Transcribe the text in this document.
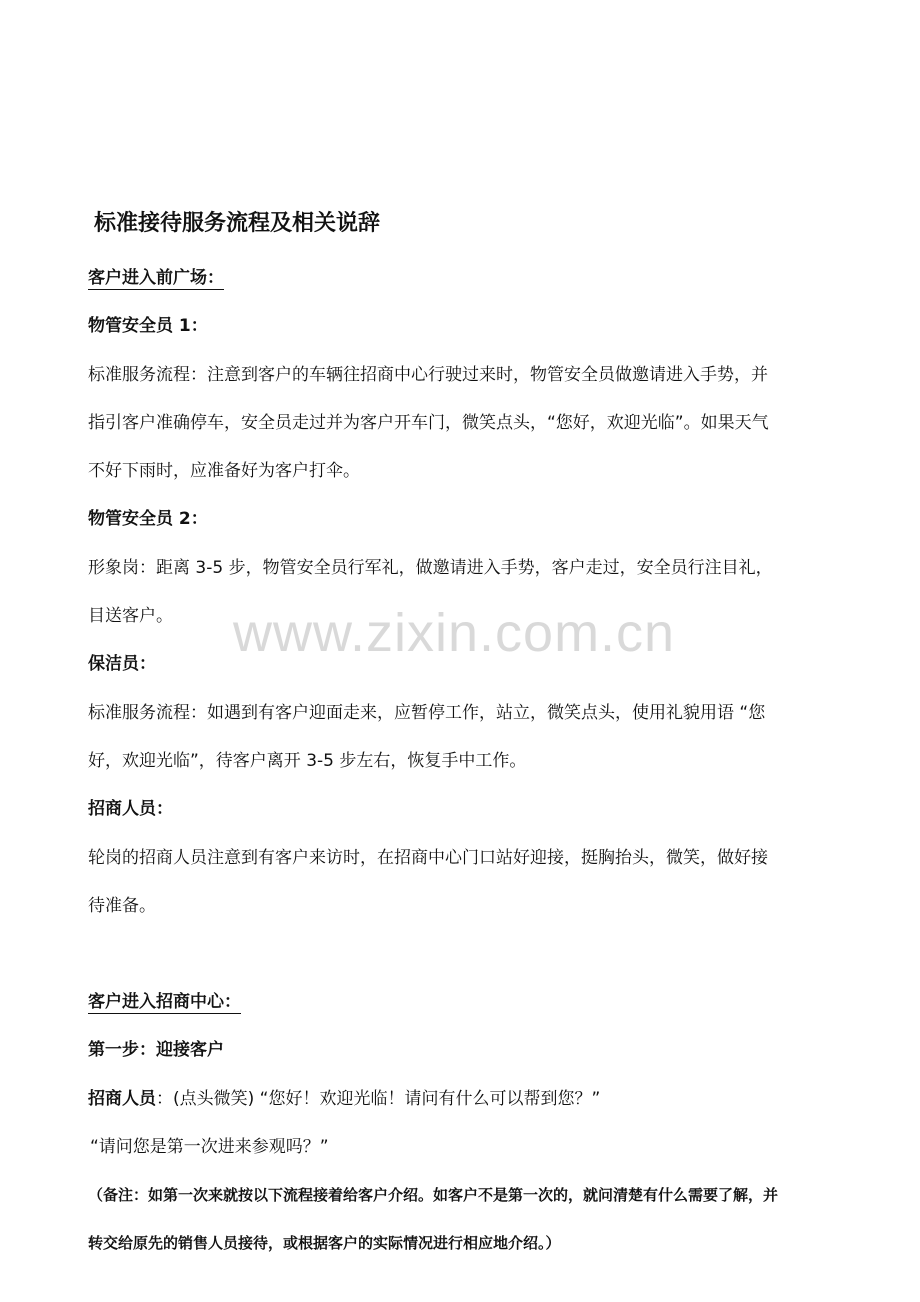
标准接待服务流程及相关说辞
客户进入前广场：
物管安全员 1：
标准服务流程：注意到客户的车辆往招商中心行驶过来时，物管安全员做邀请进入手势，并
指引客户准确停车，安全员走过并为客户开车门，微笑点头，“您好，欢迎光临”。如果天气
不好下雨时，应准备好为客户打伞。
物管安全员 2：
形象岗：距离 3-5 步，物管安全员行军礼，做邀请进入手势，客户走过，安全员行注目礼，
目送客户。
保洁员：
标准服务流程：如遇到有客户迎面走来，应暂停工作，站立，微笑点头，使用礼貌用语 “您
好，欢迎光临”，待客户离开 3-5 步左右，恢复手中工作。
招商人员：
轮岗的招商人员注意到有客户来访时，在招商中心门口站好迎接，挺胸抬头，微笑，做好接
待准备。
客户进入招商中心：
第一步：迎接客户
招商人员：(点头微笑) “您好！欢迎光临！请问有什么可以帮到您？”
“请问您是第一次进来参观吗？”
（备注：如第一次来就按以下流程接着给客户介绍。如客户不是第一次的，就问清楚有什么需要了解，并
转交给原先的销售人员接待，或根据客户的实际情况进行相应地介绍。）
www.zixin.com.cn
